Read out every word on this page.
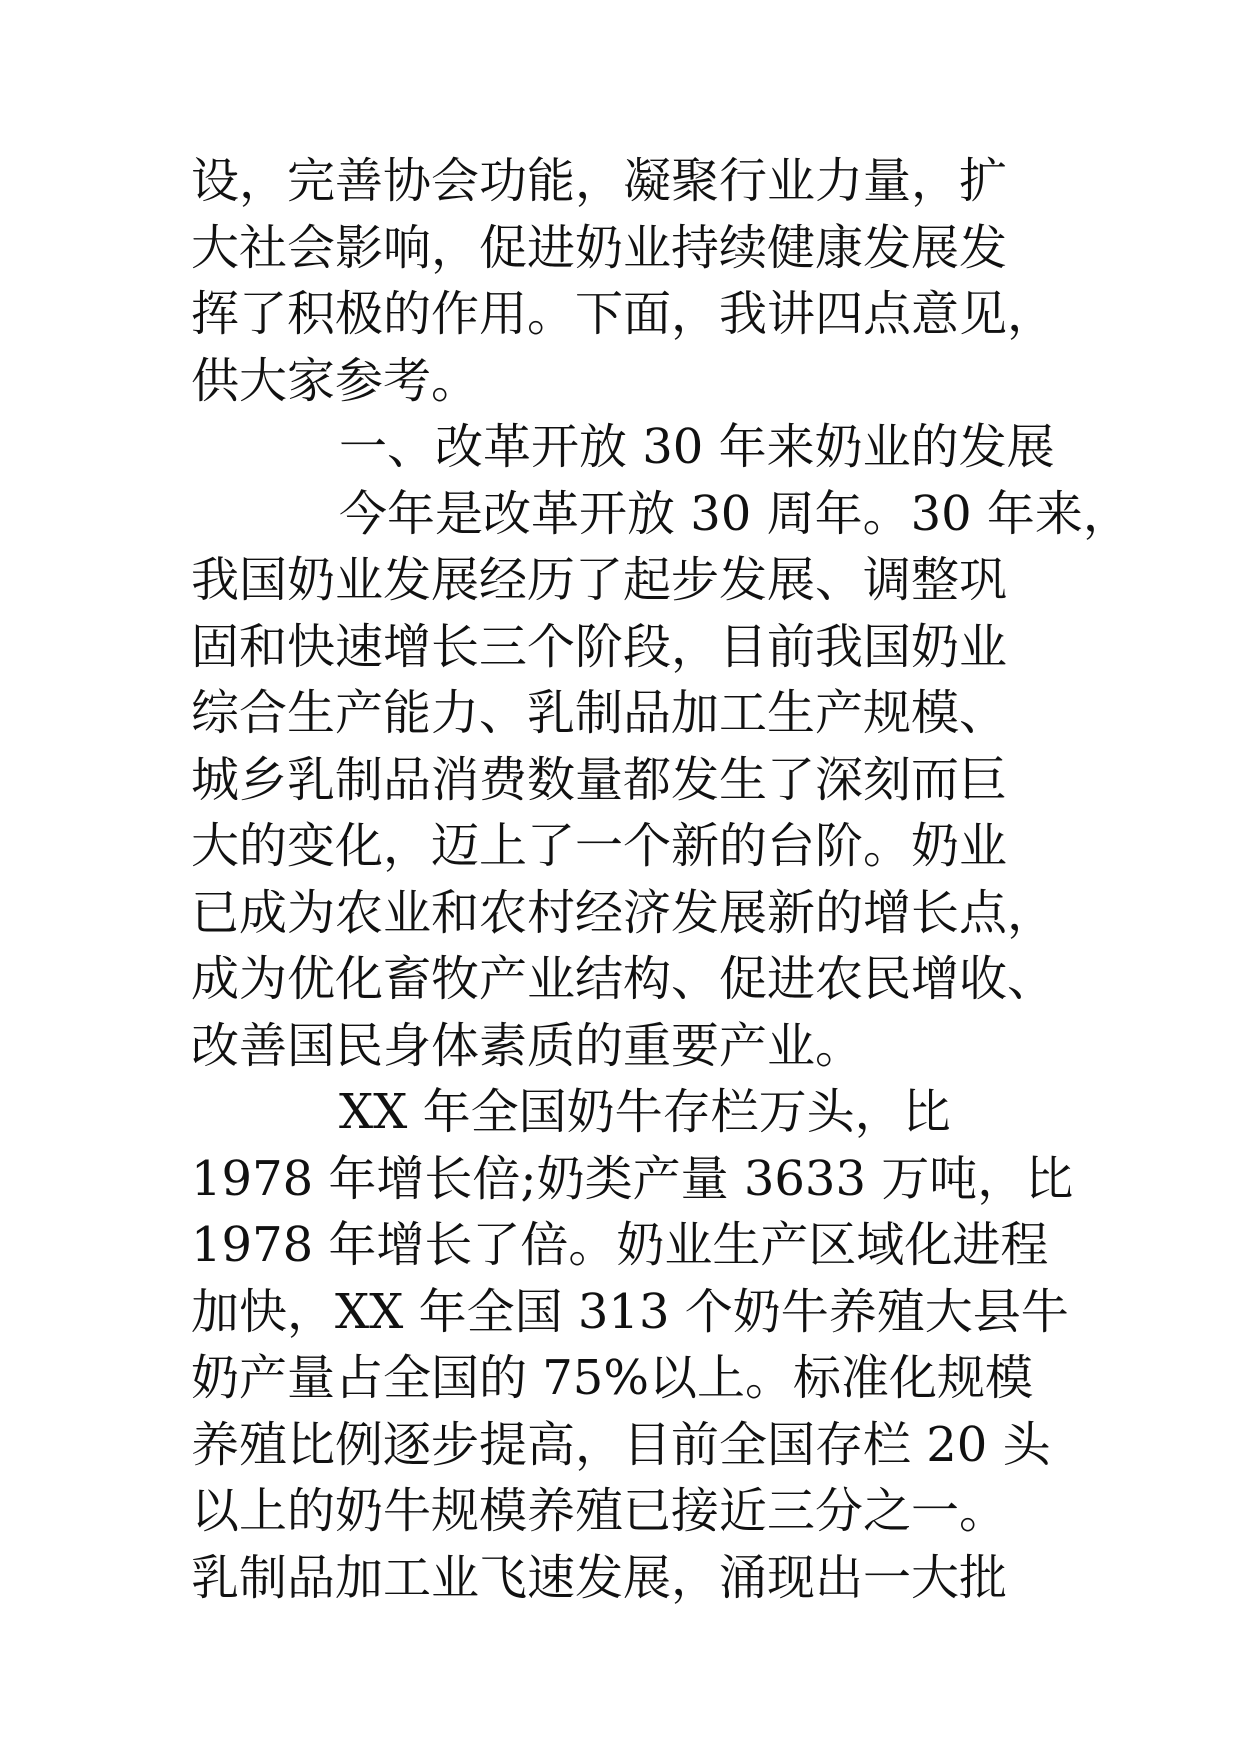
设，完善协会功能，凝聚行业力量，扩
大社会影响，促进奶业持续健康发展发
挥了积极的作用。下面，我讲四点意见，
供大家参考。
一、改革开放 30 年来奶业的发展
今年是改革开放 30 周年。30 年来，
我国奶业发展经历了起步发展、调整巩
固和快速增长三个阶段，目前我国奶业
综合生产能力、乳制品加工生产规模、
城乡乳制品消费数量都发生了深刻而巨
大的变化，迈上了一个新的台阶。奶业
已成为农业和农村经济发展新的增长点，
成为优化畜牧产业结构、促进农民增收、
改善国民身体素质的重要产业。
XX 年全国奶牛存栏万头，比
1978 年增长倍;奶类产量 3633 万吨，比
1978 年增长了倍。奶业生产区域化进程
加快，XX 年全国 313 个奶牛养殖大县牛
奶产量占全国的 75%以上。标准化规模
养殖比例逐步提高，目前全国存栏 20 头
以上的奶牛规模养殖已接近三分之一。
乳制品加工业飞速发展，涌现出一大批
